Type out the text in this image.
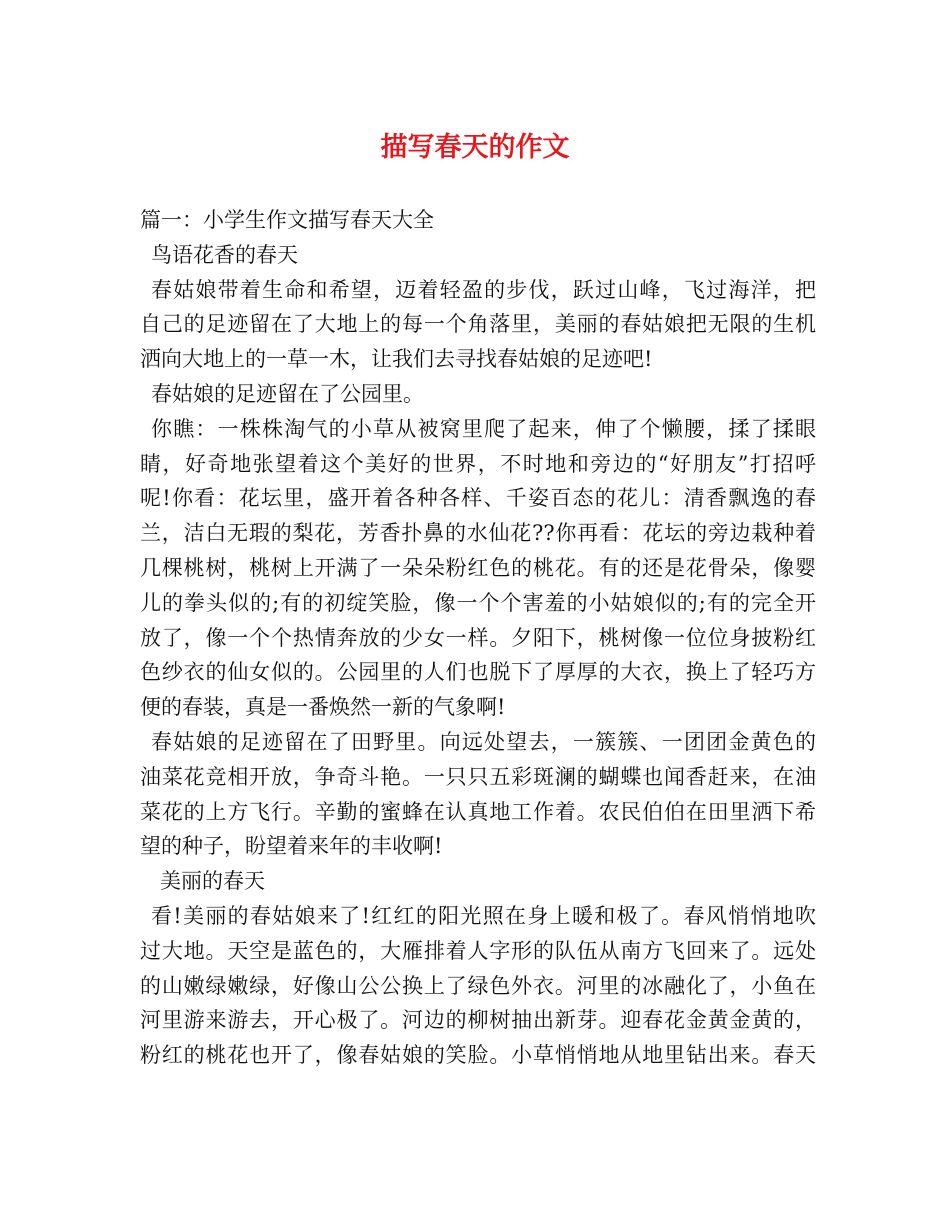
描写春天的作文

篇一：小学生作文描写春天大全

鸟语花香的春天

春姑娘带着生命和希望，迈着轻盈的步伐，跃过山峰，飞过海洋，把

自己的足迹留在了大地上的每一个角落里，美丽的春姑娘把无限的生机

洒向大地上的一草一木，让我们去寻找春姑娘的足迹吧!

春姑娘的足迹留在了公园里。

你瞧：一株株淘气的小草从被窝里爬了起来，伸了个懒腰，揉了揉眼

睛，好奇地张望着这个美好的世界，不时地和旁边的“好朋友”打招呼

呢!你看：花坛里，盛开着各种各样、千姿百态的花儿：清香飘逸的春

兰，洁白无瑕的梨花，芳香扑鼻的水仙花??你再看：花坛的旁边栽种着

几棵桃树，桃树上开满了一朵朵粉红色的桃花。有的还是花骨朵，像婴

儿的拳头似的;有的初绽笑脸，像一个个害羞的小姑娘似的;有的完全开

放了，像一个个热情奔放的少女一样。夕阳下，桃树像一位位身披粉红

色纱衣的仙女似的。公园里的人们也脱下了厚厚的大衣，换上了轻巧方

便的春装，真是一番焕然一新的气象啊!

春姑娘的足迹留在了田野里。向远处望去，一簇簇、一团团金黄色的

油菜花竞相开放，争奇斗艳。一只只五彩斑澜的蝴蝶也闻香赶来，在油

菜花的上方飞行。辛勤的蜜蜂在认真地工作着。农民伯伯在田里洒下希

望的种子，盼望着来年的丰收啊!

美丽的春天

看!美丽的春姑娘来了!红红的阳光照在身上暖和极了。春风悄悄地吹

过大地。天空是蓝色的，大雁排着人字形的队伍从南方飞回来了。远处

的山嫩绿嫩绿，好像山公公换上了绿色外衣。河里的冰融化了，小鱼在

河里游来游去，开心极了。河边的柳树抽出新芽。迎春花金黄金黄的，

粉红的桃花也开了，像春姑娘的笑脸。小草悄悄地从地里钻出来。春天
